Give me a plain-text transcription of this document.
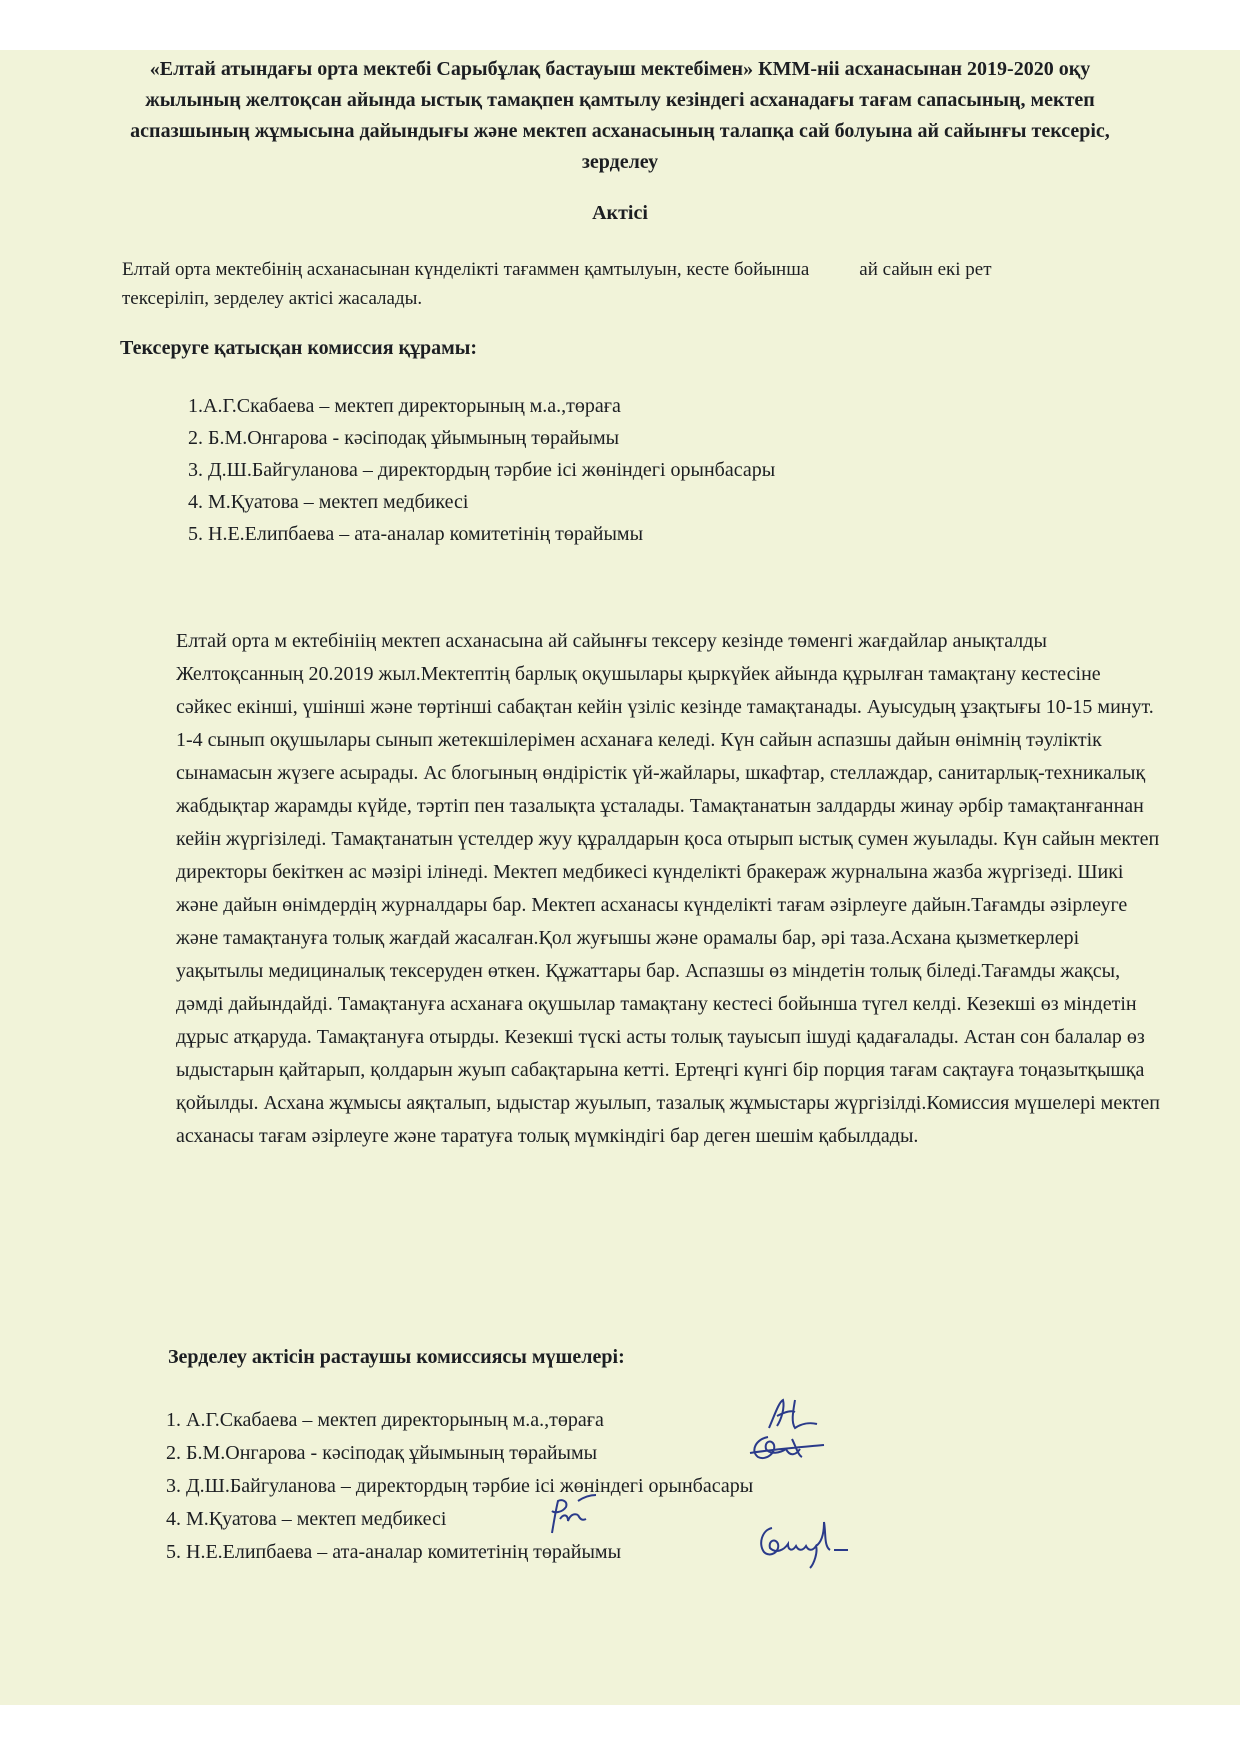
«Елтай атындағы орта мектебі Сарыбұлақ бастауыш мектебімен» КММ-нiі асханасынан 2019-2020 оқу жылының желтоқсан айында ыстық тамақпен қамтылу кезіндегі асханадағы тағам сапасының, мектеп аспазшының жұмысына дайындығы және мектеп асханасының талапқа сай болуына ай сайынғы тексеріс, зерделеу
Актісі
Елтай орта мектебінің асханасынан күнделікті тағаммен қамтылуын, кесте бойынша	ай сайын екі рет тексеріліп, зерделеу актісі жасалады.
Тексеруге қатысқан комиссия құрамы:
1.А.Г.Скабаева – мектеп директорының м.а.,төраға
2. Б.М.Онгарова - кәсіподақ ұйымының төрайымы
3. Д.Ш.Байгуланова – директордың тәрбие ісі жөніндегі орынбасары
4. М.Қуатова – мектеп медбикесі
5. Н.Е.Елипбаева – ата-аналар комитетінің төрайымы

Елтай орта м ектебініің мектеп асханасына ай сайынғы тексеру кезінде төменгі жағдайлар анықталды

Желтоқсанның 20.2019 жыл.Мектептің барлық оқушылары қыркүйек айында құрылған тамақтану кестесіне сәйкес екінші, үшінші және төртінші сабақтан кейін үзіліс кезінде тамақтанады. Ауысудың ұзақтығы 10-15 минут. 1-4 сынып оқушылары сынып жетекшілерімен асханаға келеді. Күн сайын аспазшы дайын өнімнің тәуліктік сынамасын жүзеге асырады. Ас блогының өндірістік үй-жайлары, шкафтар, стеллаждар, санитарлық-техникалық жабдықтар жарамды күйде, тәртіп пен тазалықта ұсталады. Тамақтанатын залдарды жинау әрбір тамақтанғаннан кейін жүргізіледі. Тамақтанатын үстелдер жуу құралдарын қоса отырып ыстық сумен жуылады. Күн сайын мектеп директоры бекіткен ас мәзірі ілінеді. Мектеп медбикесі күнделікті бракераж журналына жазба жүргізеді. Шикі және дайын өнімдердің журналдары бар. Мектеп асханасы күнделікті тағам әзірлеуге дайын.Тағамды әзірлеуге және тамақтануға толық жағдай жасалған.Қол жуғышы және орамалы бар, әрі таза.Асхана қызметкерлері уақытылы медициналық тексеруден өткен. Құжаттары бар. Аспазшы өз міндетін толық біледі.Тағамды жақсы, дәмді дайындайді. Тамақтануға асханаға оқушылар тамақтану кестесі бойынша түгел келді. Кезекші өз міндетін дұрыс атқаруда. Тамақтануға отырды. Кезекші түскі асты толық тауысып ішуді қадағалады. Астан сон балалар өз ыдыстарын қайтарып, қолдарын жуып сабақтарына кетті. Ертеңгі күнгі бір порция тағам сақтауға тоңазытқышқа қойылды. Асхана жұмысы аяқталып, ыдыстар жуылып, тазалық жұмыстары жүргізілді.Комиссия мүшелері мектеп асханасы тағам әзірлеуге және таратуға толық мүмкіндігі бар деген шешім қабылдады.

Зерделеу актісін растаушы комиссиясы мүшелері:
1. А.Г.Скабаева – мектеп директорының м.а.,төраға
2. Б.М.Онгарова - кәсіподақ ұйымының төрайымы
3. Д.Ш.Байгуланова – директордың тәрбие ісі жөніндегі орынбасары
4. М.Қуатова – мектеп медбикесі
5. Н.Е.Елипбаева – ата-аналар комитетінің төрайымы
